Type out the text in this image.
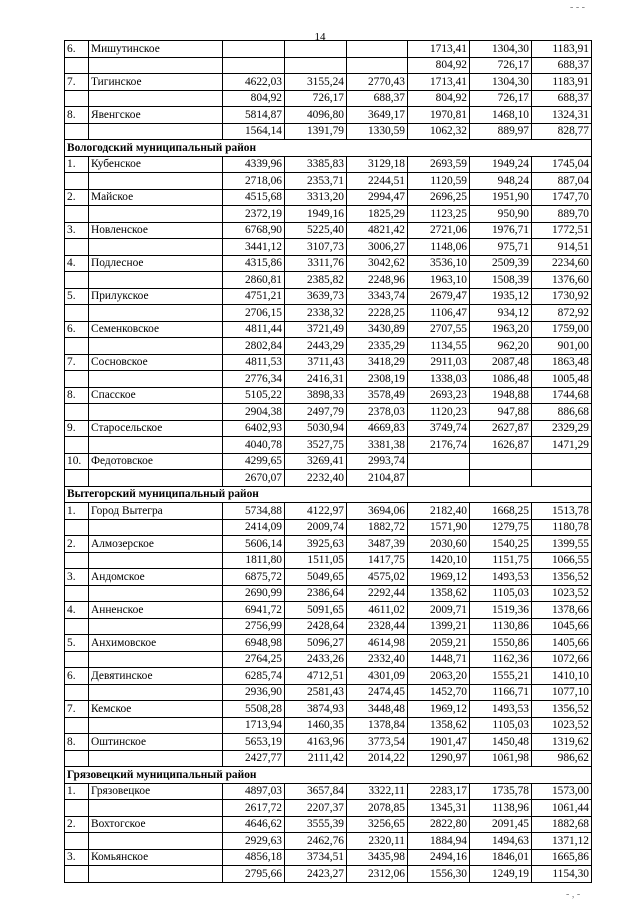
- - -
14
6.	Мишутинское				1713,41	1304,30	1183,91
					804,92	726,17	688,37
7.	Тигинское	4622,03	3155,24	2770,43	1713,41	1304,30	1183,91
		804,92	726,17	688,37	804,92	726,17	688,37
8.	Явенгское	5814,87	4096,80	3649,17	1970,81	1468,10	1324,31
		1564,14	1391,79	1330,59	1062,32	889,97	828,77
Вологодский муниципальный район							
1.	Кубенское	4339,96	3385,83	3129,18	2693,59	1949,24	1745,04
		2718,06	2353,71	2244,51	1120,59	948,24	887,04
2.	Майское	4515,68	3313,20	2994,47	2696,25	1951,90	1747,70
		2372,19	1949,16	1825,29	1123,25	950,90	889,70
3.	Новленское	6768,90	5225,40	4821,42	2721,06	1976,71	1772,51
		3441,12	3107,73	3006,27	1148,06	975,71	914,51
4.	Подлесное	4315,86	3311,76	3042,62	3536,10	2509,39	2234,60
		2860,81	2385,82	2248,96	1963,10	1508,39	1376,60
5.	Прилукское	4751,21	3639,73	3343,74	2679,47	1935,12	1730,92
		2706,15	2338,32	2228,25	1106,47	934,12	872,92
6.	Семенковское	4811,44	3721,49	3430,89	2707,55	1963,20	1759,00
		2802,84	2443,29	2335,29	1134,55	962,20	901,00
7.	Сосновское	4811,53	3711,43	3418,29	2911,03	2087,48	1863,48
		2776,34	2416,31	2308,19	1338,03	1086,48	1005,48
8.	Спасское	5105,22	3898,33	3578,49	2693,23	1948,88	1744,68
		2904,38	2497,79	2378,03	1120,23	947,88	886,68
9.	Старосельское	6402,93	5030,94	4669,83	3749,74	2627,87	2329,29
		4040,78	3527,75	3381,38	2176,74	1626,87	1471,29
10.	Федотовское	4299,65	3269,41	2993,74			
		2670,07	2232,40	2104,87			
Вытегорский муниципальный район							
1.	Город Вытегра	5734,88	4122,97	3694,06	2182,40	1668,25	1513,78
		2414,09	2009,74	1882,72	1571,90	1279,75	1180,78
2.	Алмозерское	5606,14	3925,63	3487,39	2030,60	1540,25	1399,55
		1811,80	1511,05	1417,75	1420,10	1151,75	1066,55
3.	Андомское	6875,72	5049,65	4575,02	1969,12	1493,53	1356,52
		2690,99	2386,64	2292,44	1358,62	1105,03	1023,52
4.	Анненское	6941,72	5091,65	4611,02	2009,71	1519,36	1378,66
		2756,99	2428,64	2328,44	1399,21	1130,86	1045,66
5.	Анхимовское	6948,98	5096,27	4614,98	2059,21	1550,86	1405,66
		2764,25	2433,26	2332,40	1448,71	1162,36	1072,66
6.	Девятинское	6285,74	4712,51	4301,09	2063,20	1555,21	1410,10
		2936,90	2581,43	2474,45	1452,70	1166,71	1077,10
7.	Кемское	5508,28	3874,93	3448,48	1969,12	1493,53	1356,52
		1713,94	1460,35	1378,84	1358,62	1105,03	1023,52
8.	Оштинское	5653,19	4163,96	3773,54	1901,47	1450,48	1319,62
		2427,77	2111,42	2014,22	1290,97	1061,98	986,62
Грязовецкий муниципальный район							
1.	Грязовецкое	4897,03	3657,84	3322,11	2283,17	1735,78	1573,00
		2617,72	2207,37	2078,85	1345,31	1138,96	1061,44
2.	Вохтогское	4646,62	3555,39	3256,65	2822,80	2091,45	1882,68
		2929,63	2462,76	2320,11	1884,94	1494,63	1371,12
3.	Комьянское	4856,18	3734,51	3435,98	2494,16	1846,01	1665,86
		2795,66	2423,27	2312,06	1556,30	1249,19	1154,30
- , -
